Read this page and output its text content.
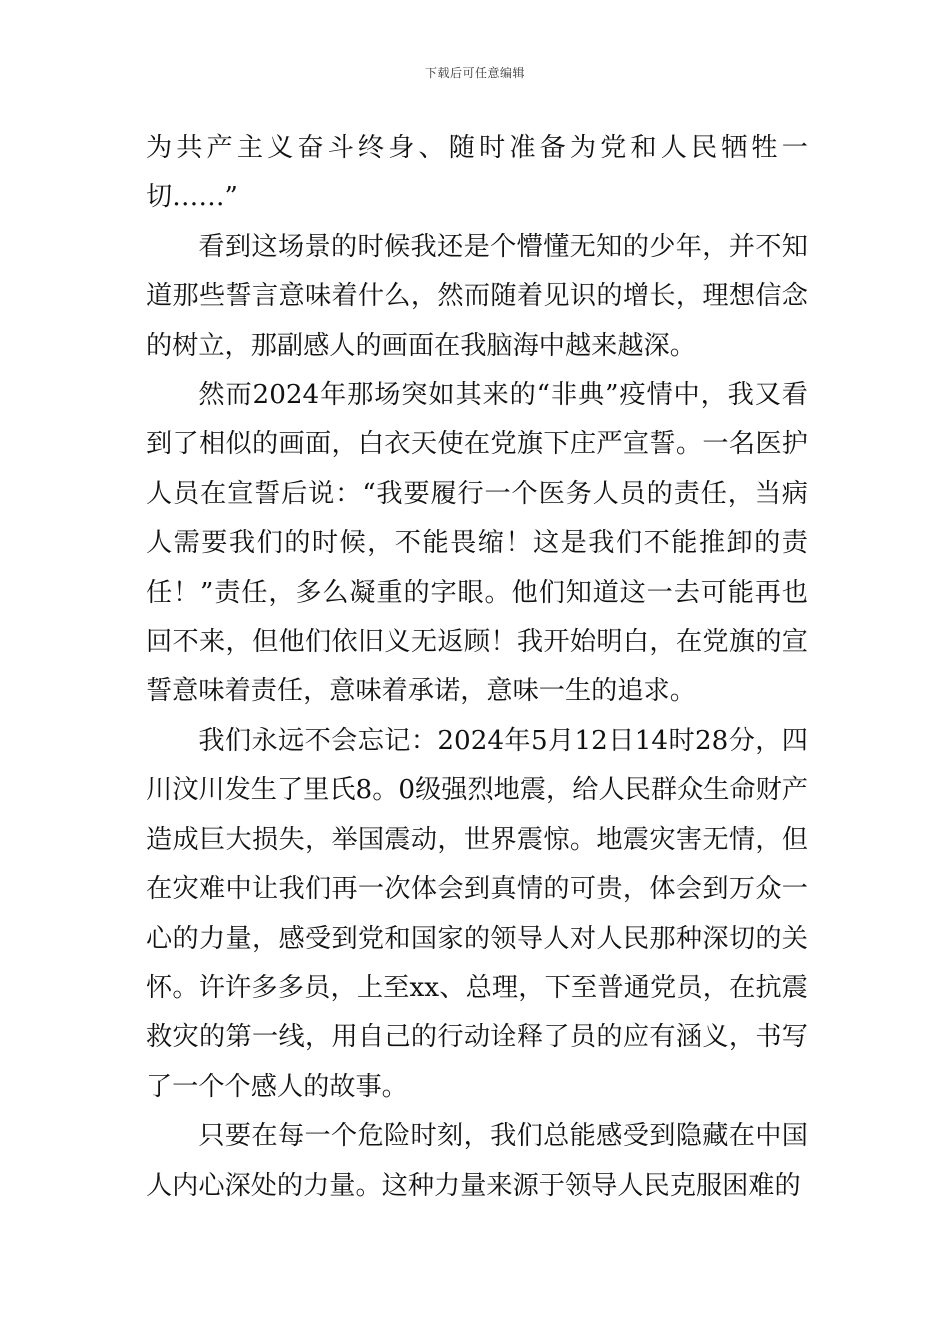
下载后可任意编辑

为共产主义奋斗终身、随时准备为党和人民牺牲一切……”

看到这场景的时候我还是个懵懂无知的少年，并不知道那些誓言意味着什么，然而随着见识的增长，理想信念的树立，那副感人的画面在我脑海中越来越深。

然而2024年那场突如其来的“非典”疫情中，我又看到了相似的画面，白衣天使在党旗下庄严宣誓。一名医护人员在宣誓后说：“我要履行一个医务人员的责任，当病人需要我们的时候，不能畏缩！这是我们不能推卸的责任！”责任，多么凝重的字眼。他们知道这一去可能再也回不来，但他们依旧义无返顾！我开始明白，在党旗的宣誓意味着责任，意味着承诺，意味一生的追求。

我们永远不会忘记：2024年5月12日14时28分，四川汶川发生了里氏8。0级强烈地震，给人民群众生命财产造成巨大损失，举国震动，世界震惊。地震灾害无情，但在灾难中让我们再一次体会到真情的可贵，体会到万众一心的力量，感受到党和国家的领导人对人民那种深切的关怀。许许多多员，上至xx、总理，下至普通党员，在抗震救灾的第一线，用自己的行动诠释了员的应有涵义，书写了一个个感人的故事。

只要在每一个危险时刻，我们总能感受到隐藏在中国人内心深处的力量。这种力量来源于领导人民克服困难的
